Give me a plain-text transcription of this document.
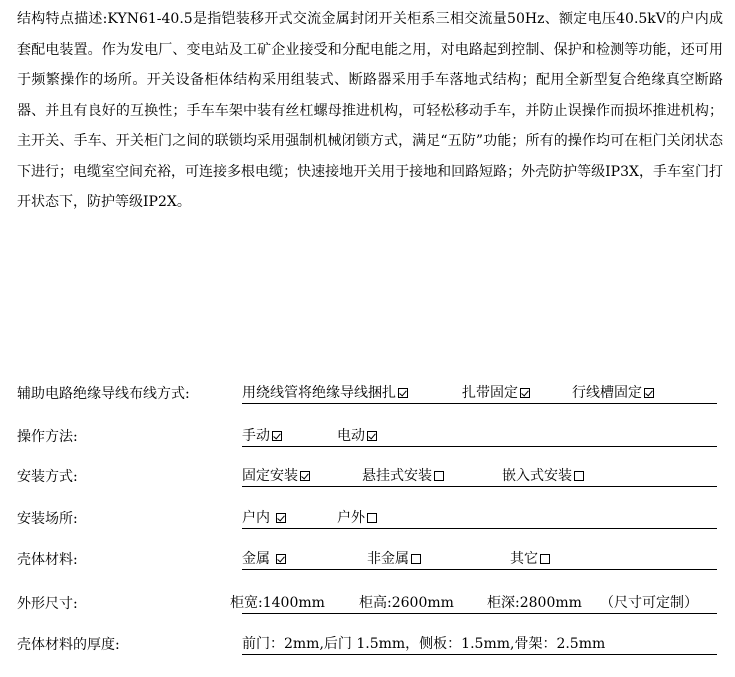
结构特点描述:KYN61-40.5是指铠装移开式交流金属封闭开关柜系三相交流量50Hz、额定电压40.5kV的户内成套配电装置。作为发电厂、变电站及工矿企业接受和分配电能之用，对电路起到控制、保护和检测等功能，还可用于频繁操作的场所。开关设备柜体结构采用组装式、断路器采用手车落地式结构；配用全新型复合绝缘真空断路器、并且有良好的互换性；手车车架中装有丝杠螺母推进机构，可轻松移动手车，并防止误操作而损坏推进机构；主开关、手车、开关柜门之间的联锁均采用强制机械闭锁方式，满足“五防”功能；所有的操作均可在柜门关闭状态下进行；电缆室空间充裕，可连接多根电缆；快速接地开关用于接地和回路短路；外壳防护等级IP3X，手车室门打开状态下，防护等级IP2X。

辅助电路绝缘导线布线方式:	用绕线管将绝缘导线捆扎	扎带固定	行线槽固定
操作方法:	手动	电动
安装方式:	固定安装	悬挂式安装	嵌入式安装
安装场所:	户内	户外
壳体材料:	金属	非金属	其它
外形尺寸:	柜宽:1400mm 柜高:2600mm 柜深:2800mm （尺寸可定制）
壳体材料的厚度:	前门：2mm,后门 1.5mm，侧板：1.5mm,骨架：2.5mm
